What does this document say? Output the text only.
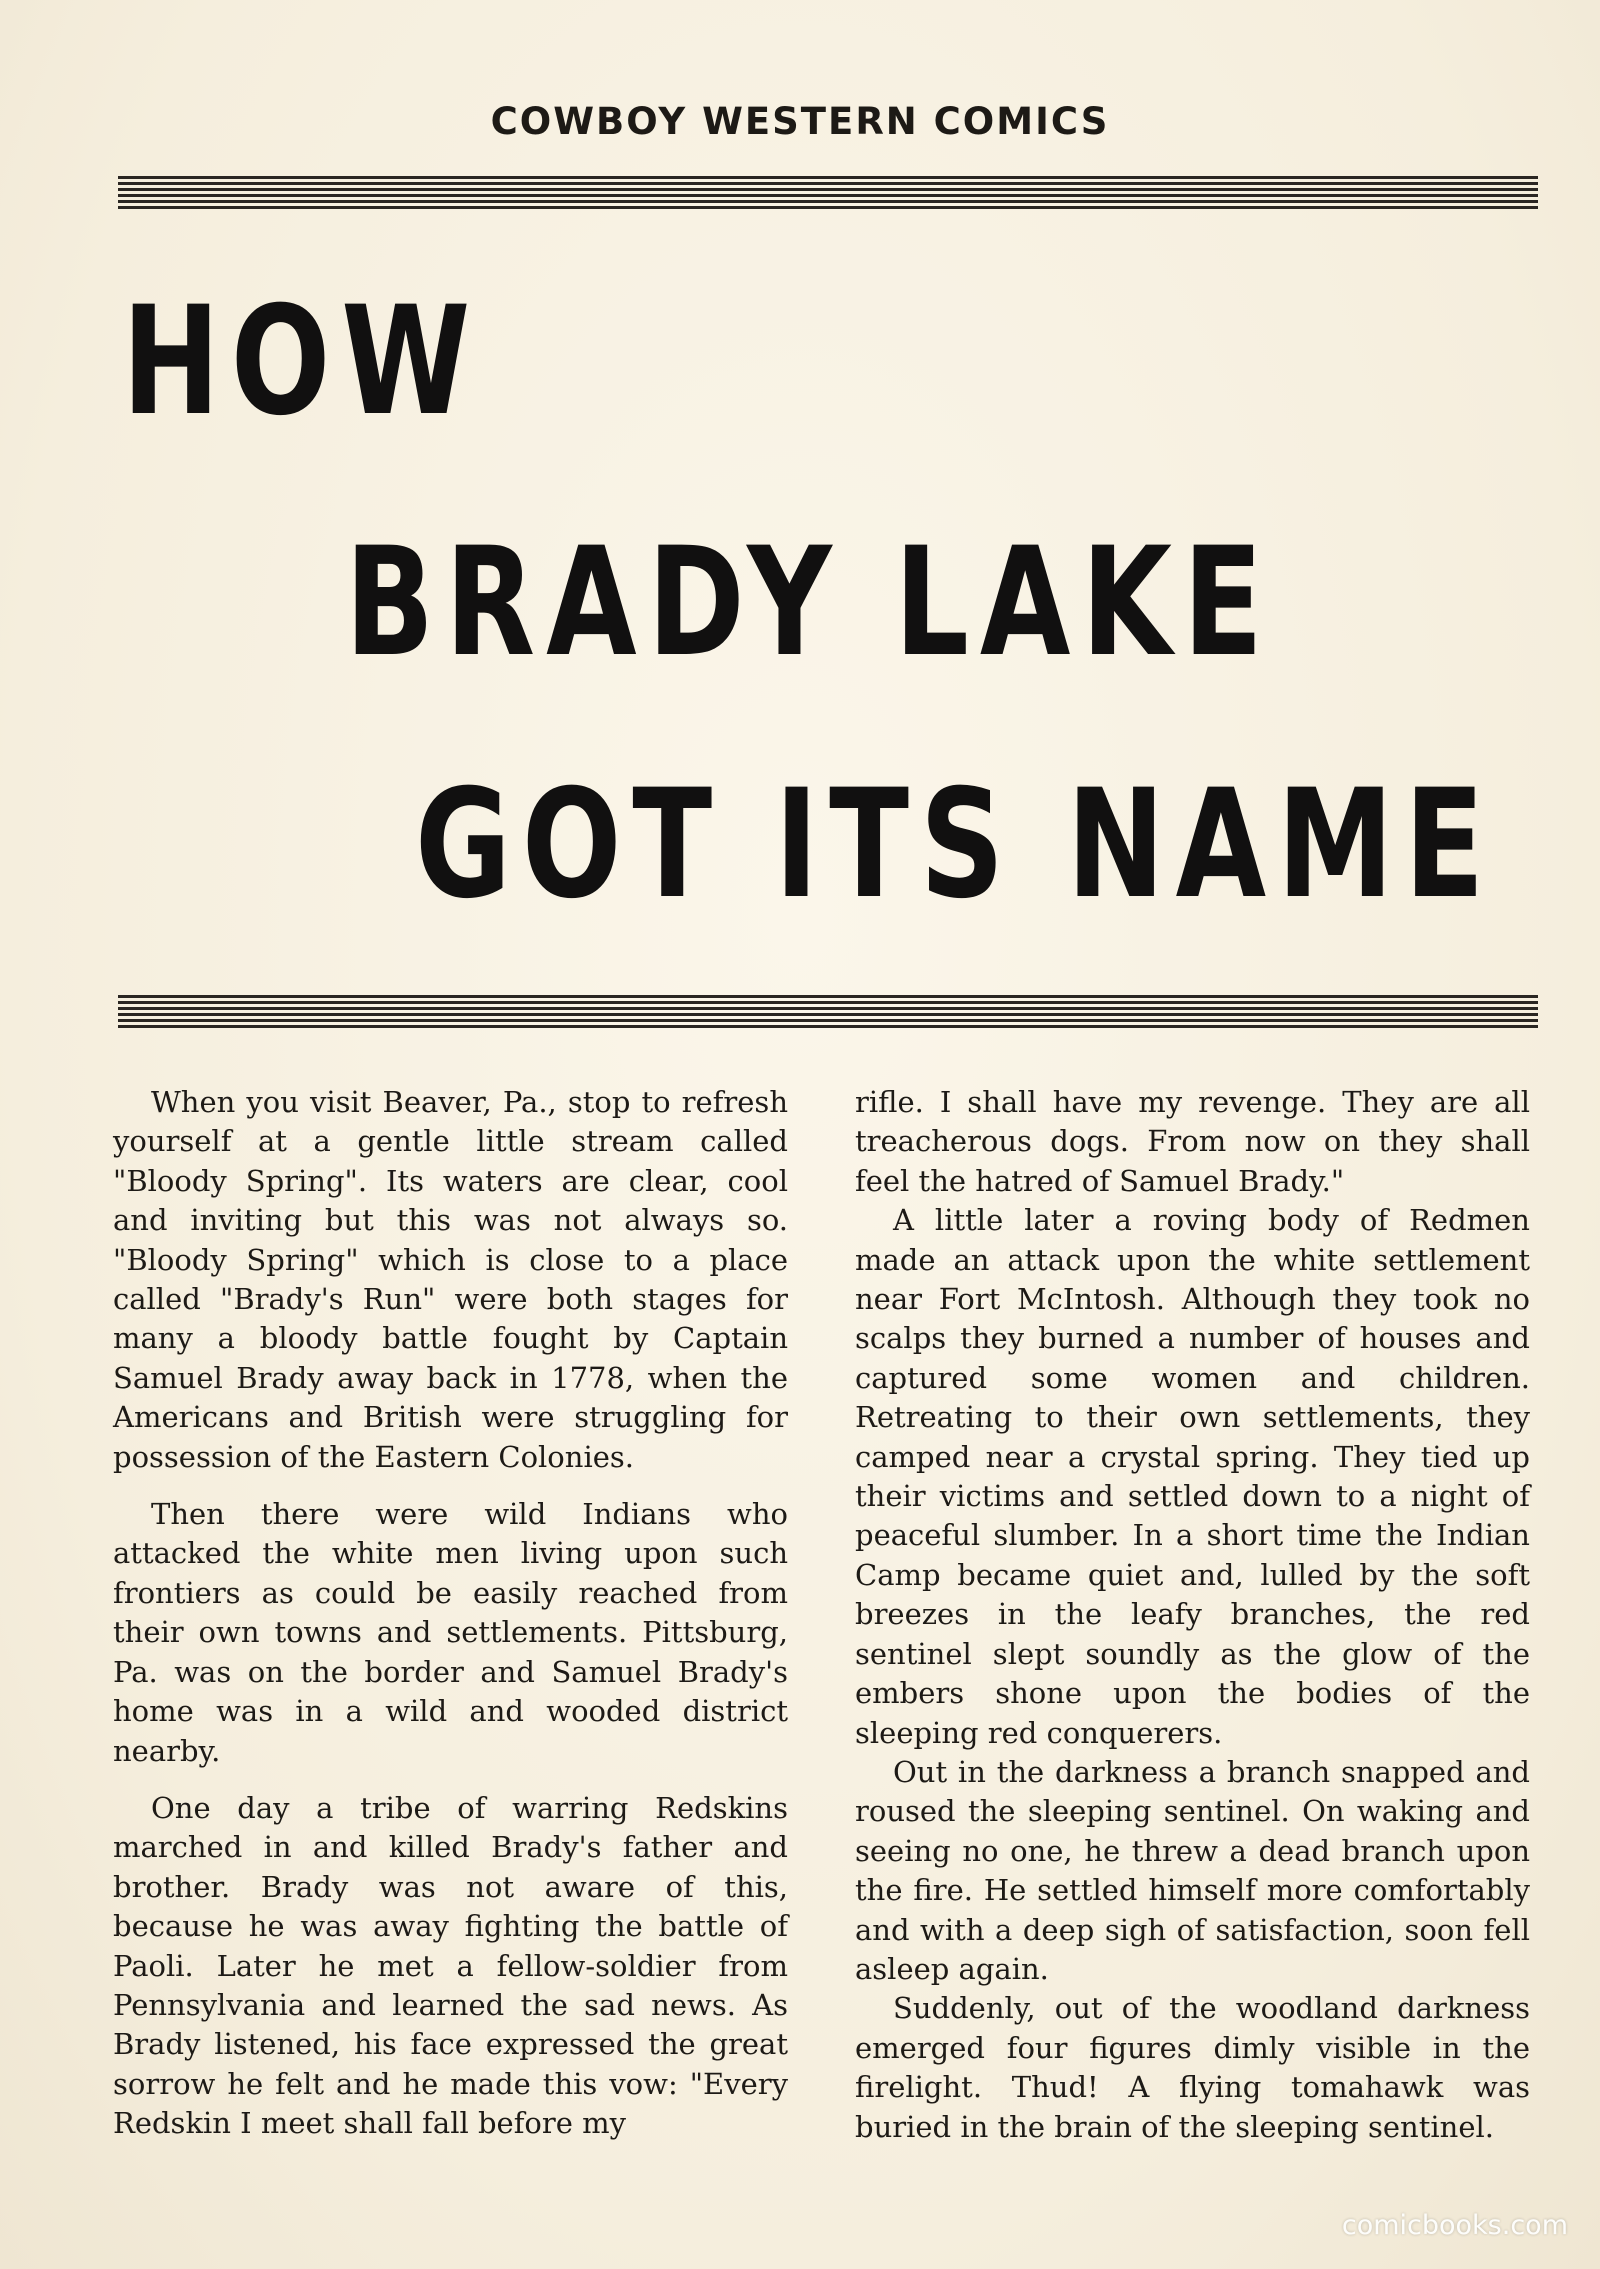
COWBOY WESTERN COMICS
HOW
BRADY LAKE
GOT ITS NAME

When you visit Beaver, Pa., stop to refresh yourself at a gentle little stream called "Bloody Spring". Its waters are clear, cool and inviting but this was not always so. "Bloody Spring" which is close to a place called "Brady's Run" were both stages for many a bloody battle fought by Captain Samuel Brady away back in 1778, when the Americans and British were struggling for possession of the Eastern Colonies.

Then there were wild Indians who attacked the white men living upon such frontiers as could be easily reached from their own towns and settlements. Pittsburg, Pa. was on the border and Samuel Brady's home was in a wild and wooded district nearby.

One day a tribe of warring Redskins marched in and killed Brady's father and brother. Brady was not aware of this, because he was away fighting the battle of Paoli. Later he met a fellow-soldier from Pennsylvania and learned the sad news. As Brady listened, his face expressed the great sorrow he felt and he made this vow: "Every Redskin I meet shall fall before my

rifle. I shall have my revenge. They are all treacherous dogs. From now on they shall feel the hatred of Samuel Brady."

A little later a roving body of Redmen made an attack upon the white settlement near Fort McIntosh. Although they took no scalps they burned a number of houses and captured some women and children. Retreating to their own settlements, they camped near a crystal spring. They tied up their victims and settled down to a night of peaceful slumber. In a short time the Indian Camp became quiet and, lulled by the soft breezes in the leafy branches, the red sentinel slept soundly as the glow of the embers shone upon the bodies of the sleeping red conquerers.

Out in the darkness a branch snapped and roused the sleeping sentinel. On waking and seeing no one, he threw a dead branch upon the fire. He settled himself more comfortably and with a deep sigh of satisfaction, soon fell asleep again.

Suddenly, out of the woodland darkness emerged four figures dimly visible in the firelight. Thud! A flying tomahawk was buried in the brain of the sleeping sentinel.

comicbooks.com
